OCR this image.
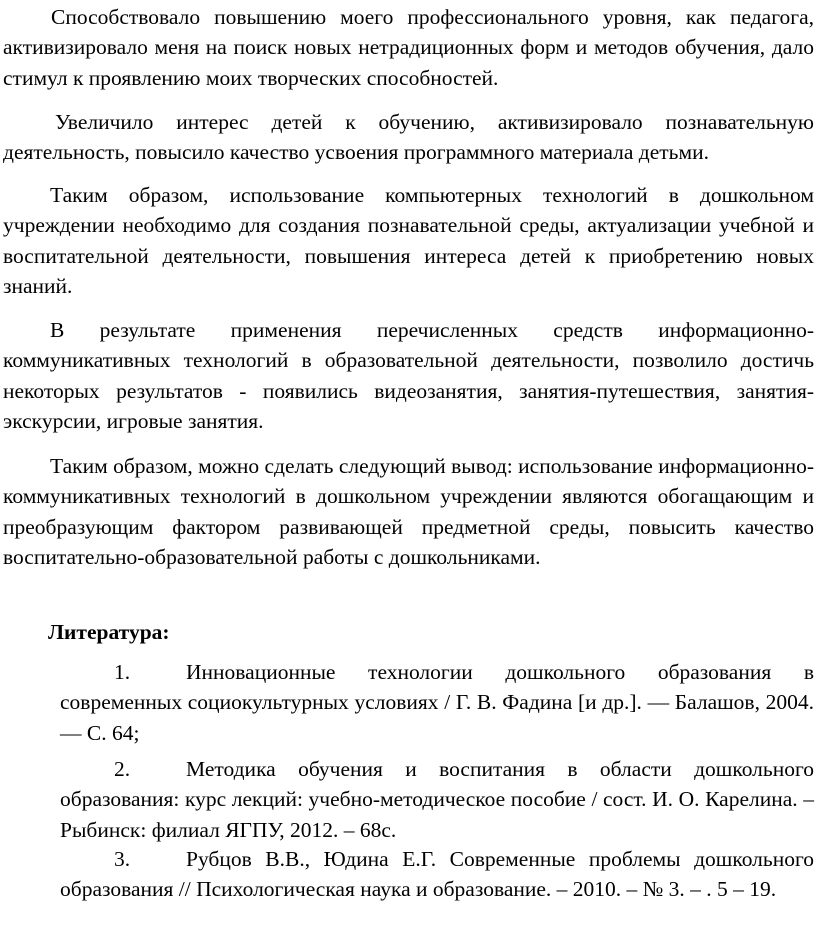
Способствовало повышению моего профессионального уровня, как педагога, активизировало меня на поиск новых нетрадиционных форм и методов обучения, дало стимул к проявлению моих творческих способностей.

Увеличило интерес детей к обучению, активизировало познавательную деятельность, повысило качество усвоения программного материала детьми.

Таким образом, использование компьютерных технологий в дошкольном учреждении необходимо для создания познавательной среды, актуализации учебной и воспитательной деятельности, повышения интереса детей к приобретению новых знаний.

В результате применения перечисленных средств информационно-коммуникативных технологий в образовательной деятельности, позволило достичь некоторых результатов - появились видеозанятия, занятия-путешествия, занятия-экскурсии, игровые занятия.

Таким образом, можно сделать следующий вывод: использование информационно-коммуникативных технологий в дошкольном учреждении являются обогащающим и преобразующим фактором развивающей предметной среды, повысить качество воспитательно-образовательной работы с дошкольниками.

Литература:
1.	Инновационные технологии дошкольного образования в современных социокультурных условиях / Г. В. Фадина [и др.]. — Балашов, 2004. — С. 64;
2.	Методика обучения и воспитания в области дошкольного образования: курс лекций: учебно-методическое пособие / сост. И. О. Карелина. – Рыбинск: филиал ЯГПУ, 2012. – 68с.
3.	Рубцов В.В., Юдина Е.Г. Современные проблемы дошкольного образования // Психологическая наука и образование. – 2010. – № 3. – . 5 – 19.
